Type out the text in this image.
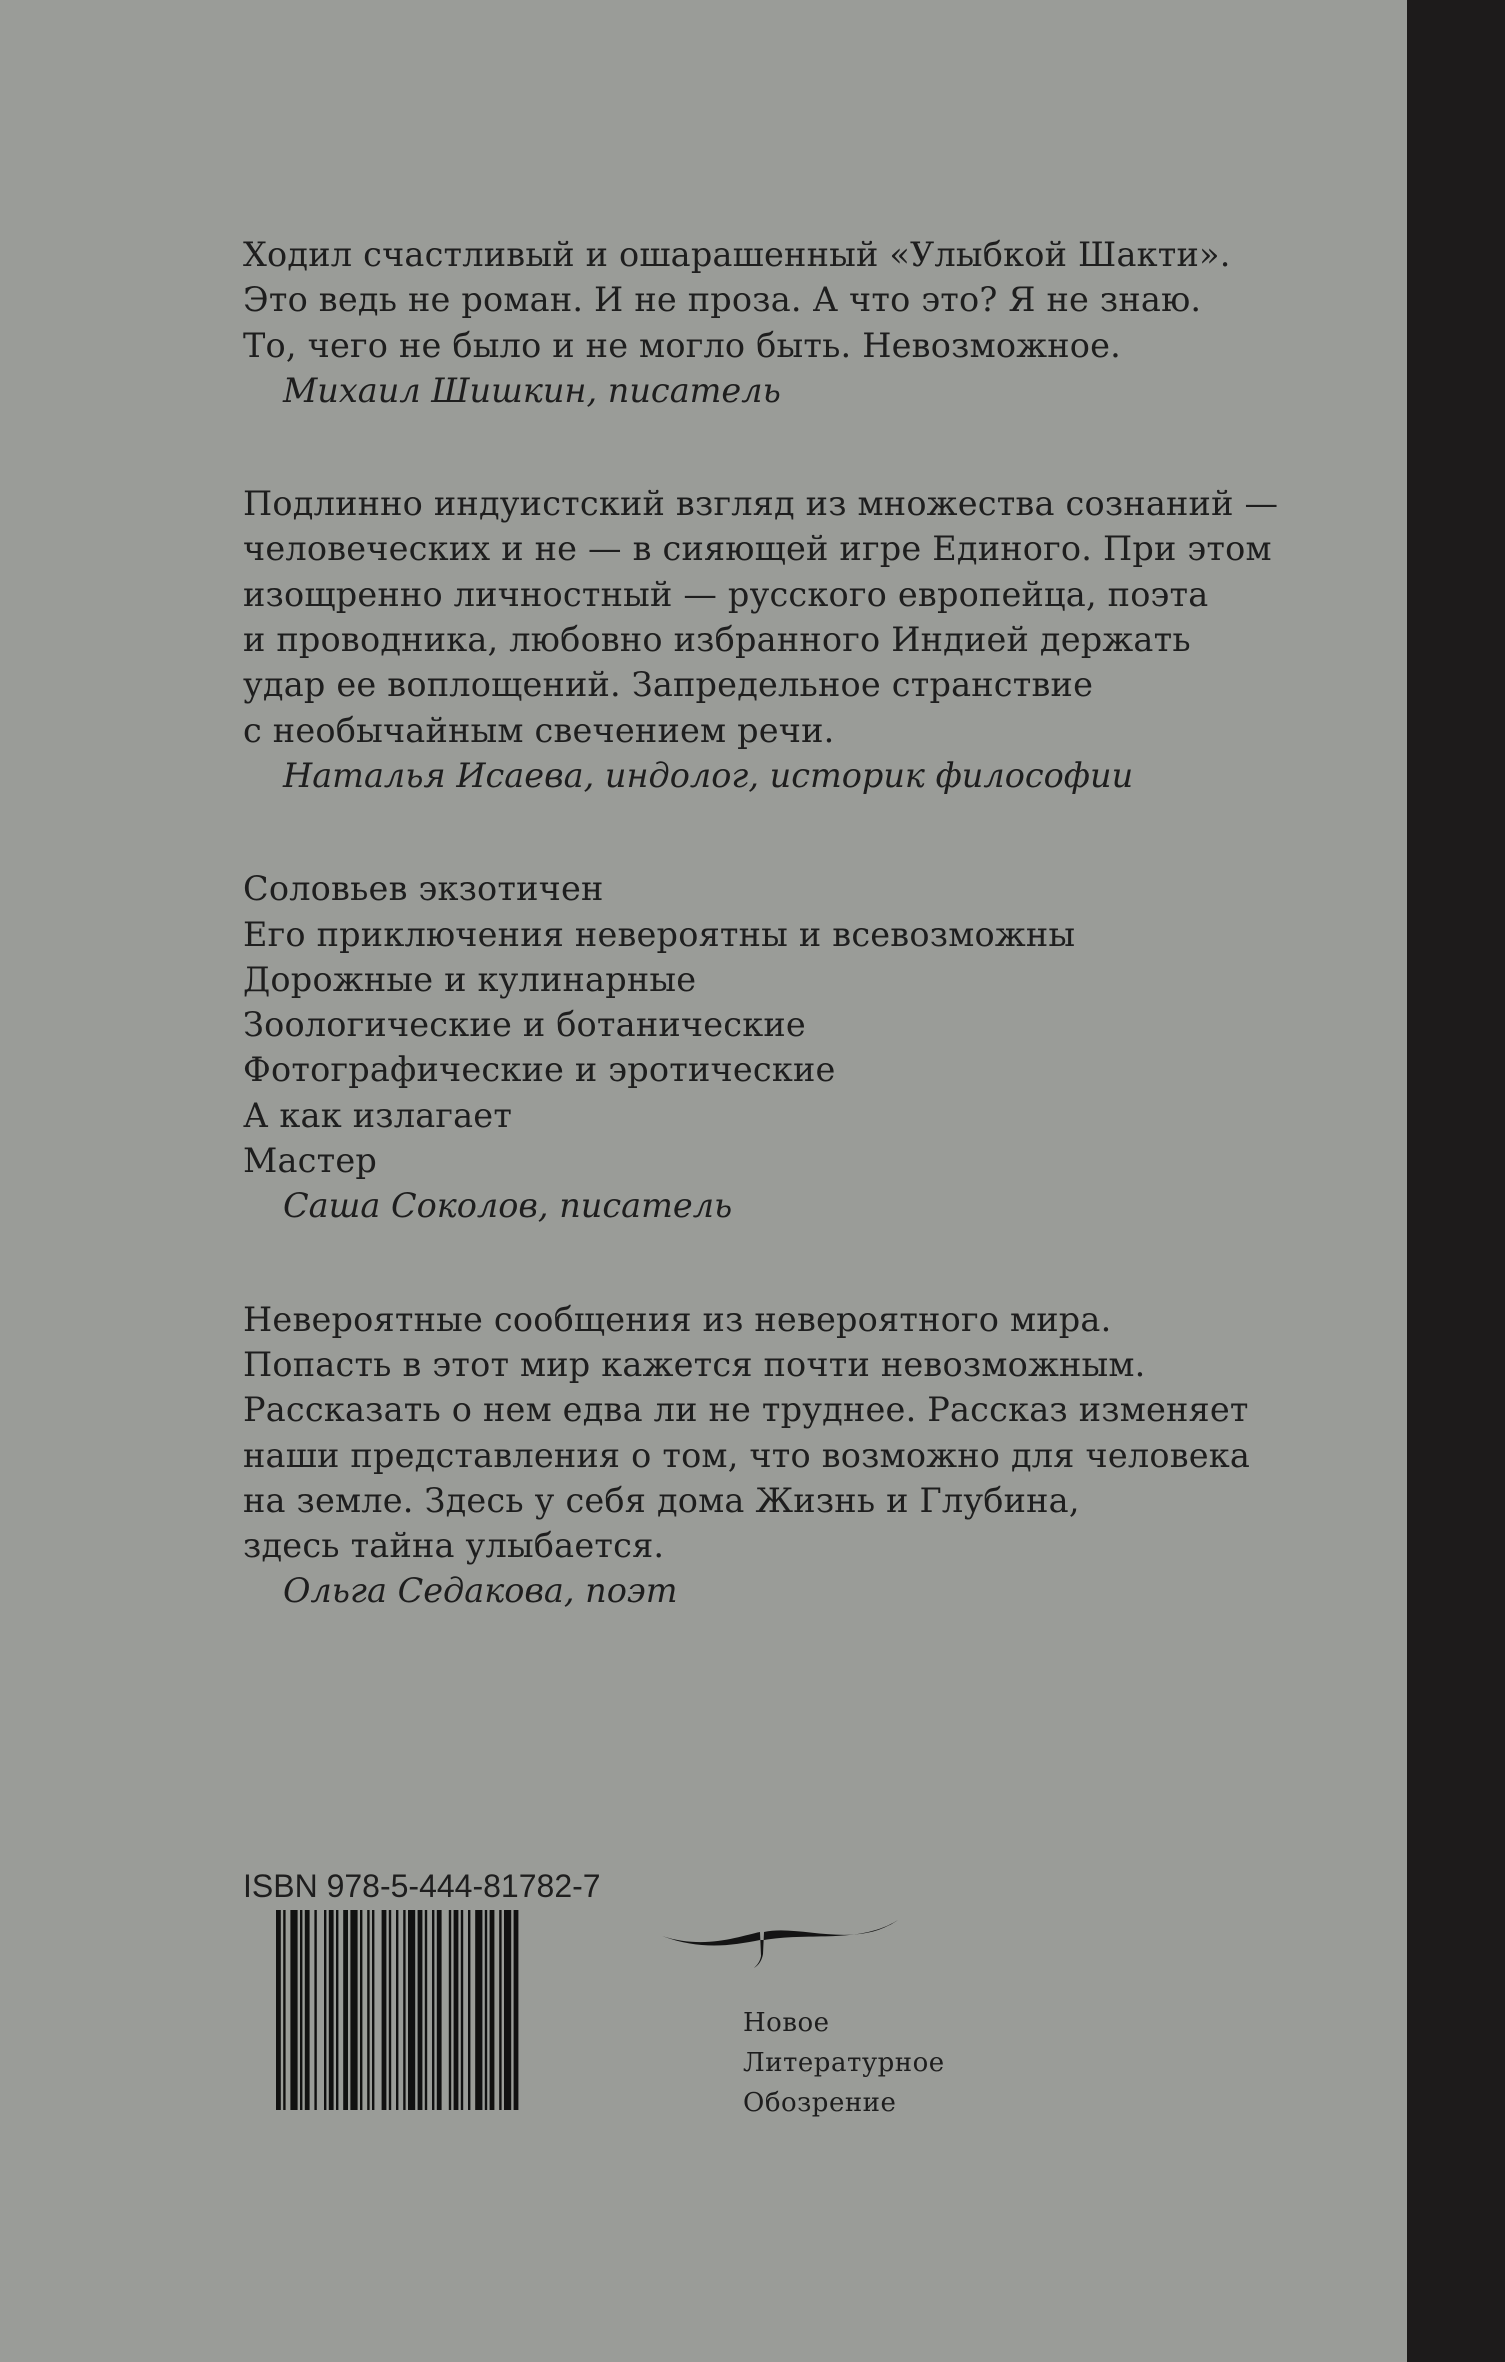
Ходил счастливый и ошарашенный «Улыбкой Шакти».
Это ведь не роман. И не проза. А что это? Я не знаю.
То, чего не было и не могло быть. Невозможное.
Михаил Шишкин, писатель
Подлинно индуистский взгляд из множества сознаний —
человеческих и не — в сияющей игре Единого. При этом
изощренно личностный — русского европейца, поэта
и проводника, любовно избранного Индией держать
удар ее воплощений. Запредельное странствие
с необычайным свечением речи.
Наталья Исаева, индолог, историк философии
Соловьев экзотичен
Его приключения невероятны и всевозможны
Дорожные и кулинарные
Зоологические и ботанические
Фотографические и эротические
А как излагает
Мастер
Саша Соколов, писатель
Невероятные сообщения из невероятного мира.
Попасть в этот мир кажется почти невозможным.
Рассказать о нем едва ли не труднее. Рассказ изменяет
наши представления о том, что возможно для человека
на земле. Здесь у себя дома Жизнь и Глубина,
здесь тайна улыбается.
Ольга Седакова, поэт
ISBN 978-5-444-81782-7
Новое
Литературное
Обозрение
